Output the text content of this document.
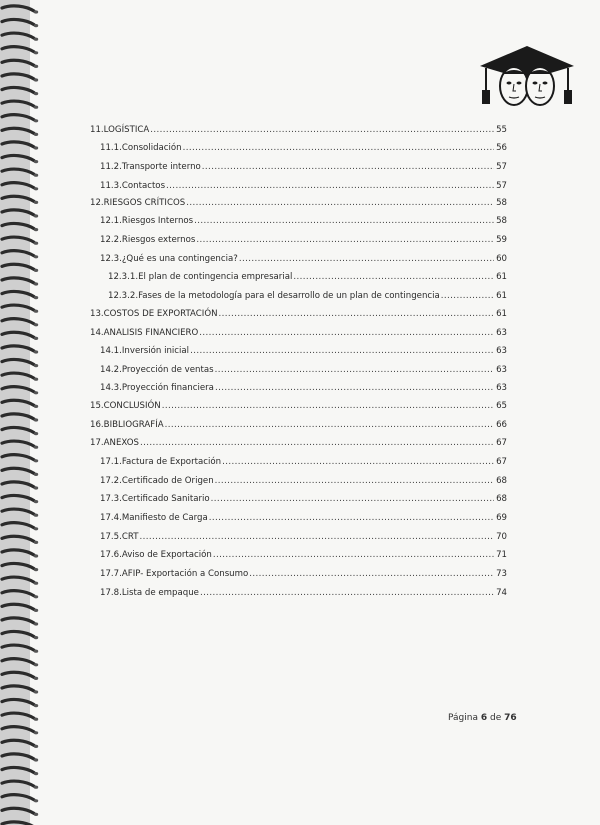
11. LOGÍSTICA .....	55
11.1. Consolidación .....	56
11.2. Transporte interno .....	57
11.3. Contactos .....	57
12. RIESGOS CRÍTICOS .....	58
12.1. Riesgos Internos .....	58
12.2. Riesgos externos .....	59
12.3. ¿Qué es una contingencia? .....	60
12.3.1. El plan de contingencia empresarial .....	61
12.3.2. Fases de la metodología para el desarrollo de un plan de contingencia .....	61
13. COSTOS DE EXPORTACIÓN .....	61
14. ANALISIS FINANCIERO .....	63
14.1. Inversión inicial .....	63
14.2. Proyección de ventas .....	63
14.3. Proyección financiera .....	63
15. CONCLUSIÓN .....	65
16. BIBLIOGRAFÍA .....	66
17. ANEXOS .....	67
17.1. Factura de Exportación .....	67
17.2. Certificado de Origen .....	68
17.3. Certificado Sanitario .....	68
17.4. Manifiesto de Carga .....	69
17.5. CRT .....	70
17.6. Aviso de Exportación .....	71
17.7. AFIP- Exportación a Consumo .....	73
17.8. Lista de empaque .....	74
Página 6 de 76
